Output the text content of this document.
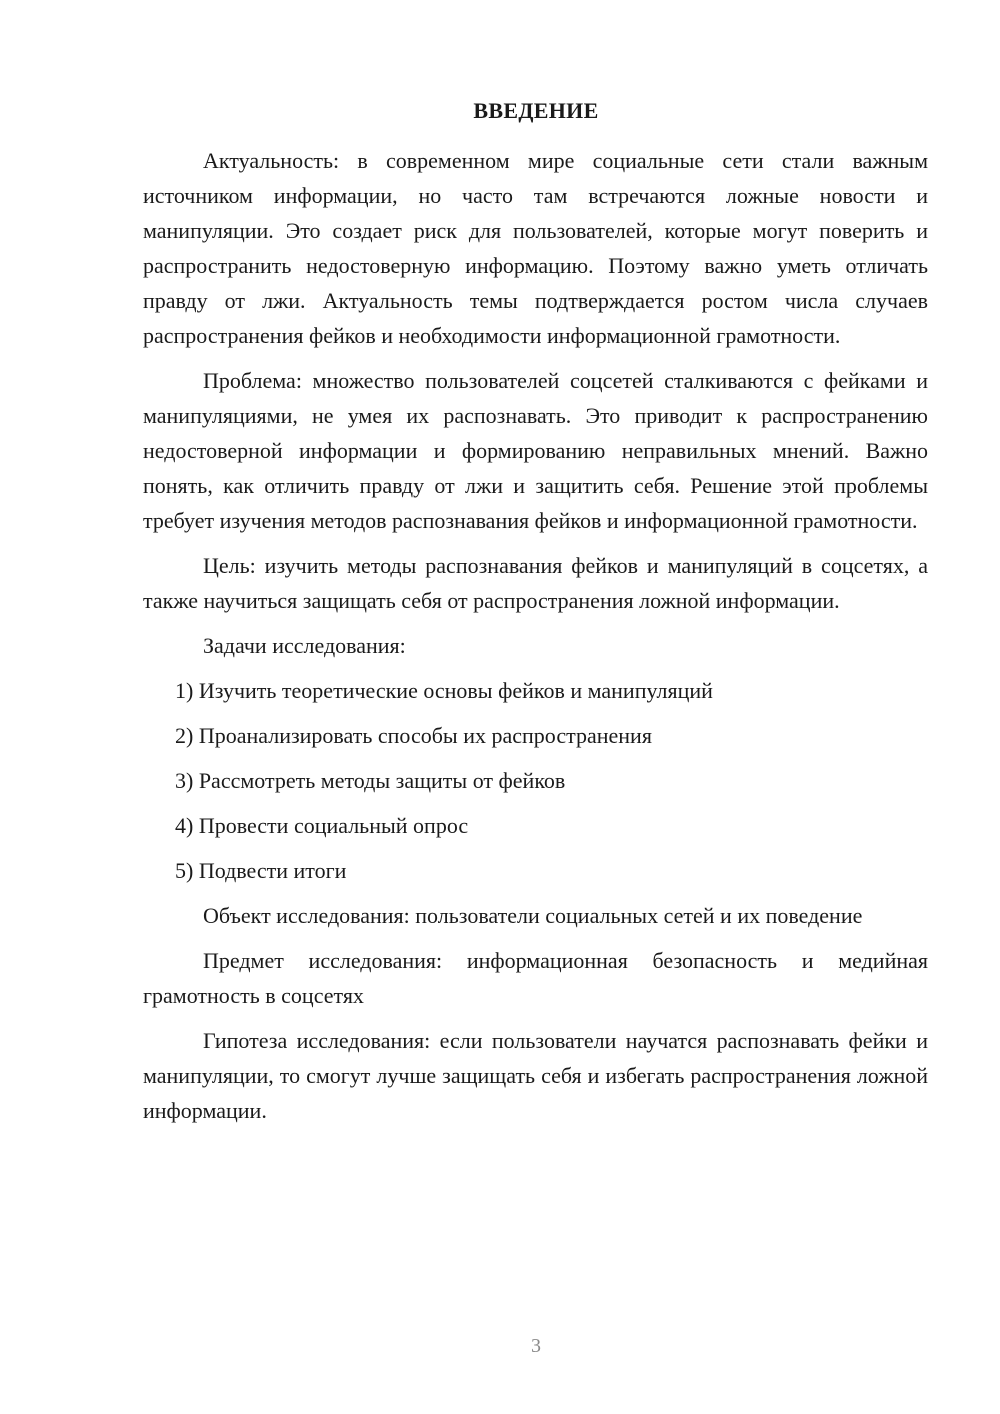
ВВЕДЕНИЕ

Актуальность: в современном мире социальные сети стали важным источником информации, но часто там встречаются ложные новости и манипуляции. Это создает риск для пользователей, которые могут поверить и распространить недостоверную информацию. Поэтому важно уметь отличать правду от лжи. Актуальность темы подтверждается ростом числа случаев распространения фейков и необходимости информационной грамотности.

Проблема: множество пользователей соцсетей сталкиваются с фейками и манипуляциями, не умея их распознавать. Это приводит к распространению недостоверной информации и формированию неправильных мнений. Важно понять, как отличить правду от лжи и защитить себя. Решение этой проблемы требует изучения методов распознавания фейков и информационной грамотности.

Цель: изучить методы распознавания фейков и манипуляций в соцсетях, а также научиться защищать себя от распространения ложной информации.

Задачи исследования:

1) Изучить теоретические основы фейков и манипуляций
2) Проанализировать способы их распространения
3) Рассмотреть методы защиты от фейков
4) Провести социальный опрос
5) Подвести итоги

Объект исследования: пользователи социальных сетей и их поведение

Предмет исследования: информационная безопасность и медийная грамотность в соцсетях

Гипотеза исследования: если пользователи научатся распознавать фейки и манипуляции, то смогут лучше защищать себя и избегать распространения ложной информации.

3
